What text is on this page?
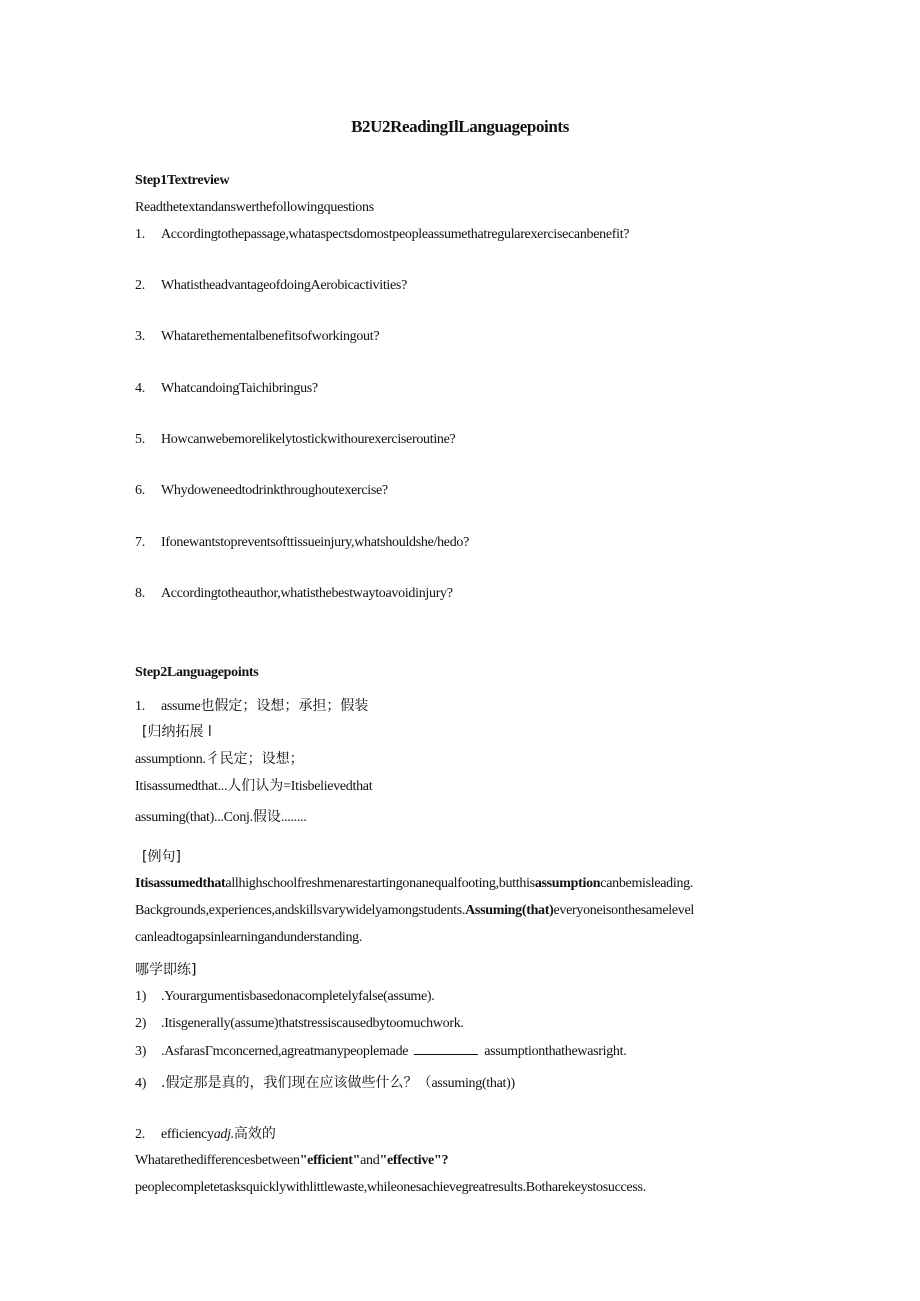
B2U2ReadingIlLanguagepoints
Step1Textreview
Readthetextandanswerthefollowingquestions
1. Accordingtothepassage,whataspectsdomostpeopleassumethatregularexercisecanbenefit?
2. WhatistheadvantageofdoingAerobicactivities?
3. Whatarethementalbenefitsofworkingout?
4. WhatcandoingTaichibringus?
5. Howcanwebemorelikelytostickwithourexerciseroutine?
6. Whydoweneedtodrinkthroughoutexercise?
7. Ifonewantstopreventsofttissueinjury,whatshouldshe/hedo?
8. Accordingtotheauthor,whatisthebestwaytoavoidinjury?
Step2Languagepoints
1. assume也假定；设想；承担；假装
[归纳拓展 l
assumptionn.彳民定；设想；
Itisassumedthat...人们认为=Itisbelievedthat
assuming(that)...Conj.假设........
[例句]
Itisassumedthatallhighschoolfreshmenarestartingonanequalfooting,butthisassumptioncanbemisleading.
Backgrounds,experiences,andskillsvarywidelyamongstudents.Assuming(that)everyoneisonthesamelevel
canleadtogapsinlearningandunderstanding.
哪学即练]
1) .Yourargumentisbasedonacompletelyfalse(assume).
2) .Itisgenerally(assume)thatstressiscausedbytoomuchwork.
3) .AsfarasΓmconcerned,agreatmanypeoplemade	assumptionthathewasright.
4) .假定那是真的，我们现在应该做些什么？（assuming(that))
2. efficiencyadj.高效的
Whatarethedifferencesbetween"efficient"and"effective"?
peoplecompletetasksquicklywithlittlewaste,whileonesachievegreatresults.Botharekeystosuccess.
